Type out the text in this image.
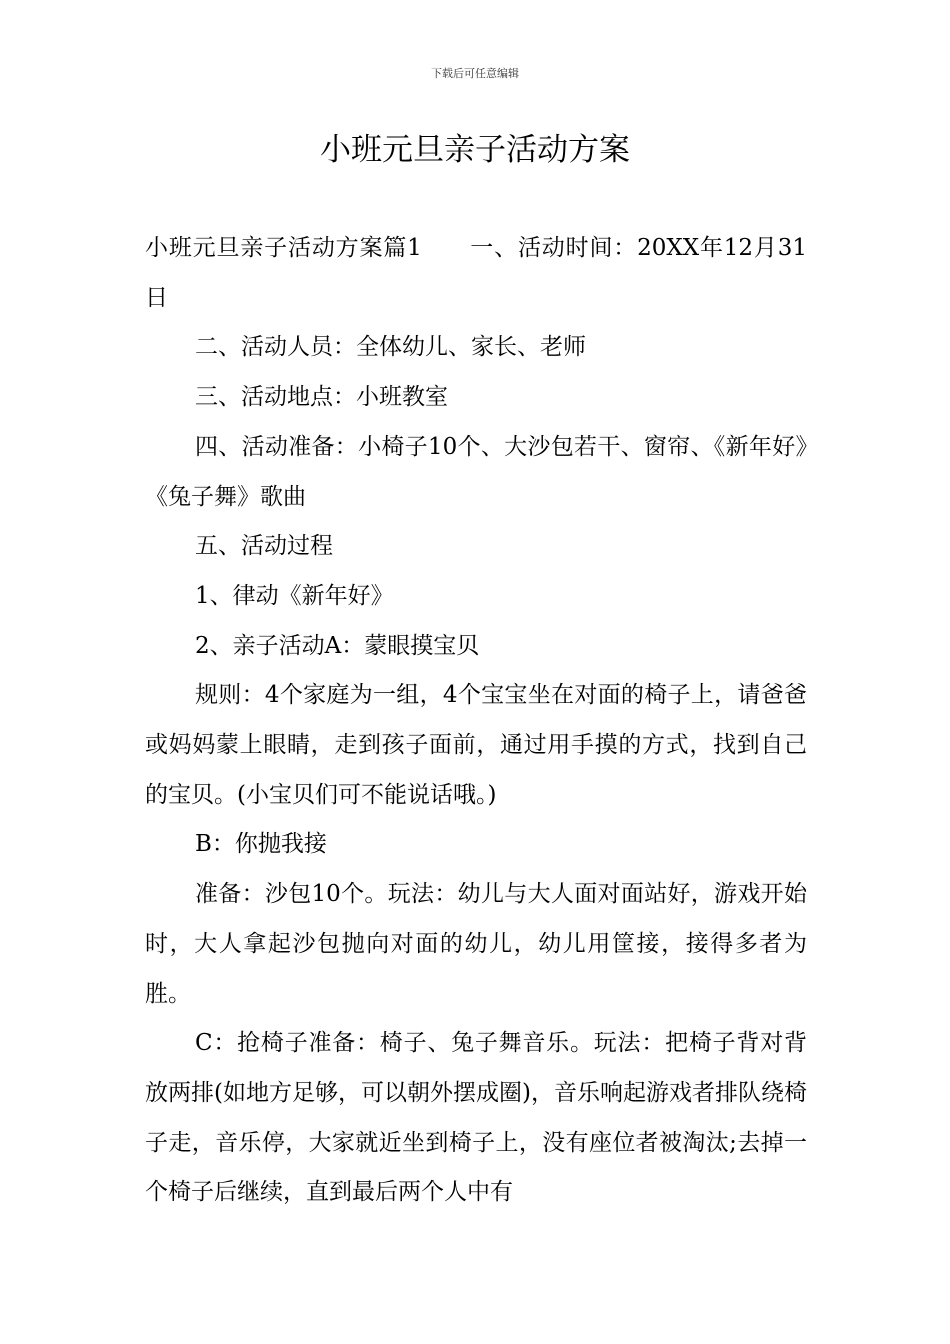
下载后可任意编辑
小班元旦亲子活动方案

小班元旦亲子活动方案篇1　　一、活动时间：20XX年12月31日

二、活动人员：全体幼儿、家长、老师

三、活动地点：小班教室

四、活动准备：小椅子10个、大沙包若干、窗帘、《新年好》《兔子舞》歌曲

五、活动过程

1、律动《新年好》

2、亲子活动A：蒙眼摸宝贝

规则：4个家庭为一组，4个宝宝坐在对面的椅子上，请爸爸或妈妈蒙上眼睛，走到孩子面前，通过用手摸的方式，找到自己的宝贝。(小宝贝们可不能说话哦。)

B：你抛我接

准备：沙包10个。玩法：幼儿与大人面对面站好，游戏开始时，大人拿起沙包抛向对面的幼儿，幼儿用筐接，接得多者为胜。

C：抢椅子准备：椅子、兔子舞音乐。玩法：把椅子背对背放两排(如地方足够，可以朝外摆成圈)，音乐响起游戏者排队绕椅子走，音乐停，大家就近坐到椅子上，没有座位者被淘汰;去掉一个椅子后继续，直到最后两个人中有
